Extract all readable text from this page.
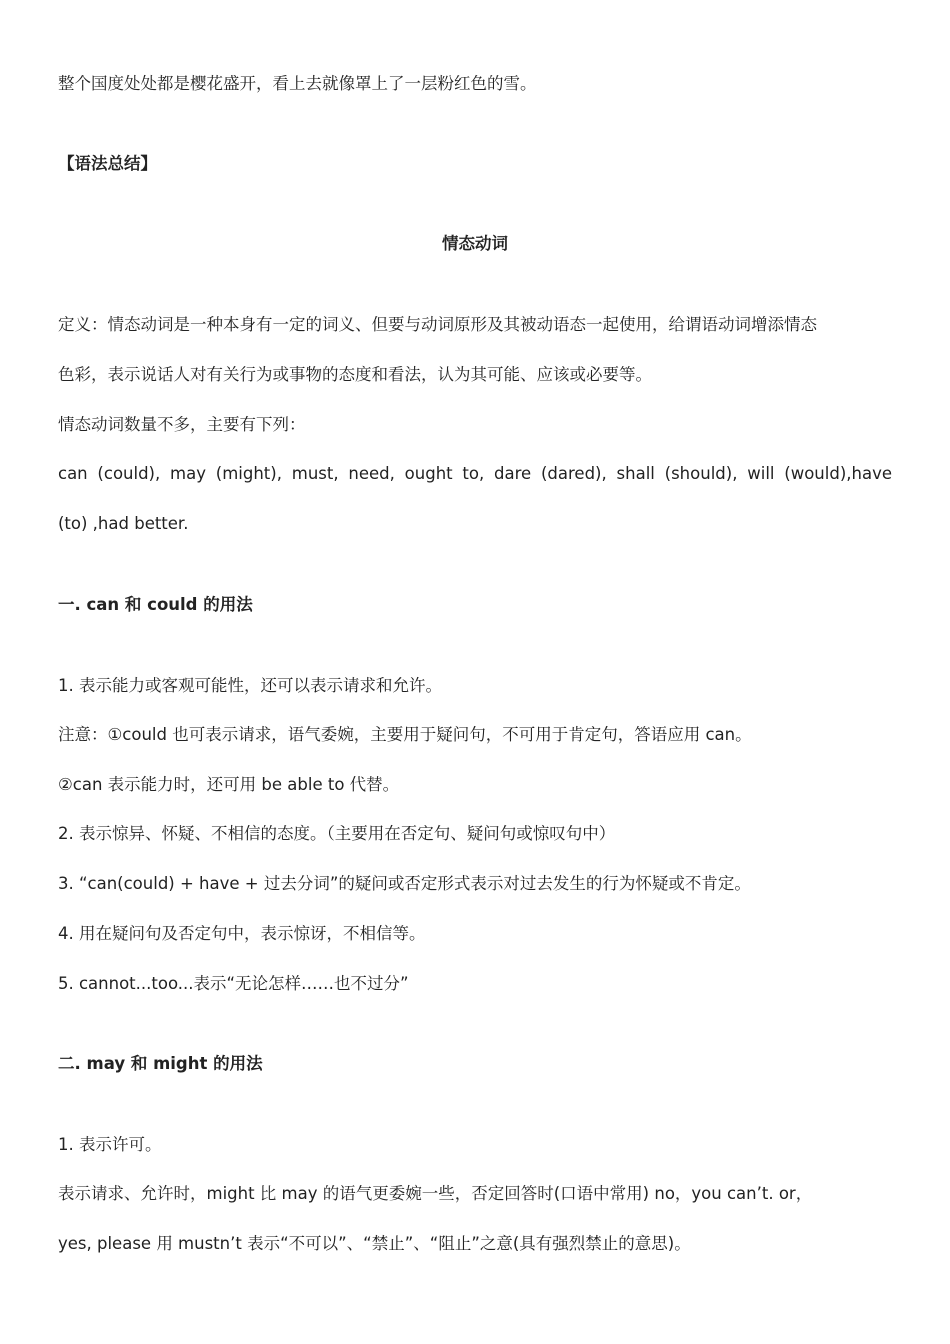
整个国度处处都是樱花盛开，看上去就像罩上了一层粉红色的雪。
【语法总结】
情态动词
定义：情态动词是一种本身有一定的词义、但要与动词原形及其被动语态一起使用，给谓语动词增添情态
色彩，表示说话人对有关行为或事物的态度和看法，认为其可能、应该或必要等。
情态动词数量不多，主要有下列：
can (could), may (might), must, need, ought to, dare (dared), shall (should), will (would),have
(to) ,had better.
一. can 和 could 的用法
1. 表示能力或客观可能性，还可以表示请求和允许。
注意：①could 也可表示请求，语气委婉，主要用于疑问句，不可用于肯定句，答语应用 can。
②can 表示能力时，还可用 be able to 代替。
2. 表示惊异、怀疑、不相信的态度。（主要用在否定句、疑问句或惊叹句中）
3. “can(could) + have + 过去分词”的疑问或否定形式表示对过去发生的行为怀疑或不肯定。
4. 用在疑问句及否定句中，表示惊讶，不相信等。
5. cannot...too...表示“无论怎样……也不过分”
二. may 和 might 的用法
1. 表示许可。
表示请求、允许时，might 比 may 的语气更委婉一些，否定回答时(口语中常用) no，you can’t. or，
yes, please 用 mustn’t 表示“不可以”、“禁止”、“阻止”之意(具有强烈禁止的意思)。
